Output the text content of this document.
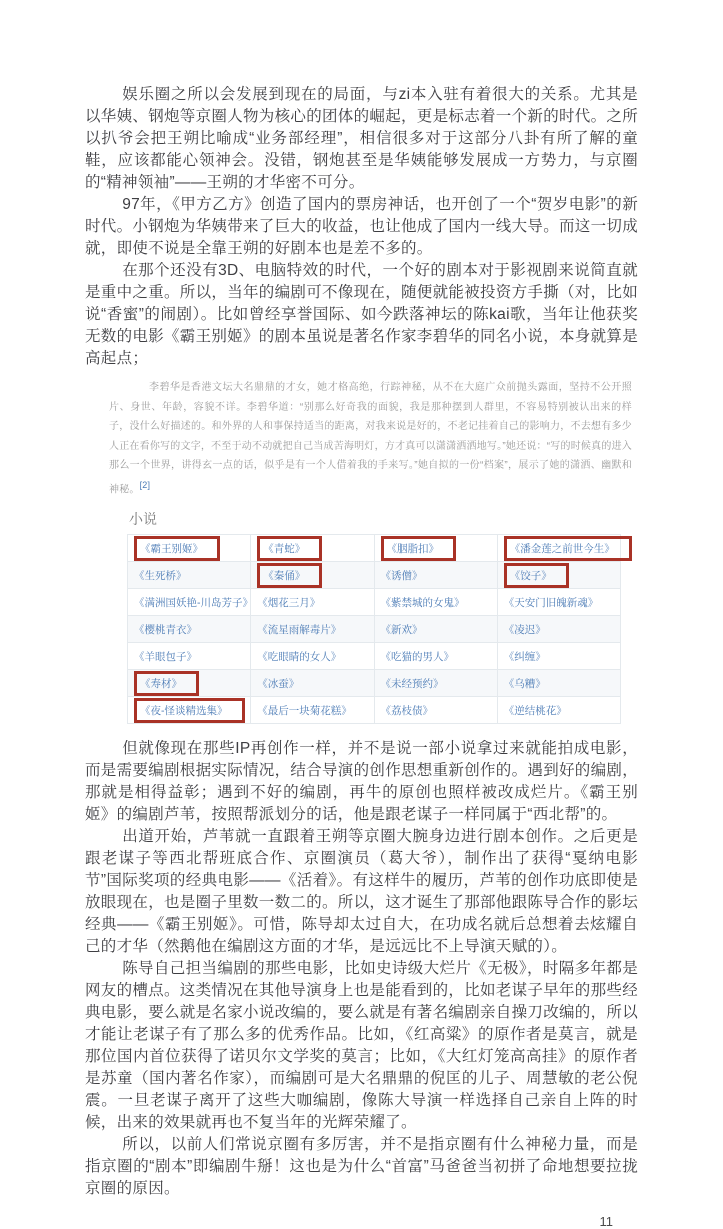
娱乐圈之所以会发展到现在的局面，与zi本入驻有着很大的关系。尤其是以华姨、钢炮等京圈人物为核心的团体的崛起，更是标志着一个新的时代。之所以扒爷会把王朔比喻成“业务部经理”，相信很多对于这部分八卦有所了解的童鞋，应该都能心领神会。没错，钢炮甚至是华姨能够发展成一方势力，与京圈的“精神领袖”——王朔的才华密不可分。

97年，《甲方乙方》创造了国内的票房神话，也开创了一个“贺岁电影”的新时代。小钢炮为华姨带来了巨大的收益，也让他成了国内一线大导。而这一切成就，即使不说是全靠王朔的好剧本也是差不多的。

在那个还没有3D、电脑特效的时代，一个好的剧本对于影视剧来说简直就是重中之重。所以，当年的编剧可不像现在，随便就能被投资方手撕（对，比如说“香蜜”的闹剧）。比如曾经享誉国际、如今跌落神坛的陈kai歌，当年让他获奖无数的电影《霸王别姬》的剧本虽说是著名作家李碧华的同名小说，本身就算是高起点；

李碧华是香港文坛大名鼎鼎的才女，她才格高绝，行踪神秘，从不在大庭广众前抛头露面，坚持不公开照片、身世、年龄，容貌不详。李碧华道：“别那么好奇我的面貌，我是那种摆到人群里，不容易特别被认出来的样子，没什么好描述的。和外界的人和事保持适当的距离，对我来说是好的，不老记挂着自己的影响力，不去想有多少人正在看你写的文字，不至于动不动就把自己当成苦海明灯，方才真可以潇潇洒洒地写。”她还说：“写的时候真的进入那么一个世界，讲得玄一点的话，似乎是有一个人借着我的手来写。”她自拟的一份“档案”，展示了她的潇洒、幽默和神秘。[2]
小说
《霸王别姬》	《青蛇》	《胭脂扣》	《潘金莲之前世今生》
《生死桥》	《秦俑》	《诱僧》	《饺子》
《满洲国妖艳-川岛芳子》	《烟花三月》	《紫禁城的女鬼》	《天安门旧魄新魂》
《樱桃青衣》	《流星雨解毒片》	《新欢》	《凌迟》
《羊眼包子》	《吃眼睛的女人》	《吃猫的男人》	《纠缠》
《寿材》	《冰蚕》	《未经预约》	《乌糟》
《夜-怪谈精选集》	《最后一块菊花糕》	《荔枝债》	《逆结桃花》

但就像现在那些IP再创作一样，并不是说一部小说拿过来就能拍成电影，而是需要编剧根据实际情况，结合导演的创作思想重新创作的。遇到好的编剧，那就是相得益彰；遇到不好的编剧，再牛的原创也照样被改成烂片。《霸王别姬》的编剧芦苇，按照帮派划分的话，他是跟老谋子一样同属于“西北帮”的。

出道开始，芦苇就一直跟着王朔等京圈大腕身边进行剧本创作。之后更是跟老谋子等西北帮班底合作、京圈演员（葛大爷），制作出了获得“戛纳电影节”国际奖项的经典电影——《活着》。有这样牛的履历，芦苇的创作功底即使是放眼现在，也是圈子里数一数二的。所以，这才诞生了那部他跟陈导合作的影坛经典——《霸王别姬》。可惜，陈导却太过自大，在功成名就后总想着去炫耀自己的才华（然鹅他在编剧这方面的才华，是远远比不上导演天赋的）。

陈导自己担当编剧的那些电影，比如史诗级大烂片《无极》，时隔多年都是网友的槽点。这类情况在其他导演身上也是能看到的，比如老谋子早年的那些经典电影，要么就是名家小说改编的，要么就是有著名编剧亲自操刀改编的，所以才能让老谋子有了那么多的优秀作品。比如，《红高粱》的原作者是莫言，就是那位国内首位获得了诺贝尔文学奖的莫言；比如，《大红灯笼高高挂》的原作者是苏童（国内著名作家），而编剧可是大名鼎鼎的倪匡的儿子、周慧敏的老公倪震。一旦老谋子离开了这些大咖编剧，像陈大导演一样选择自己亲自上阵的时候，出来的效果就再也不复当年的光辉荣耀了。

所以，以前人们常说京圈有多厉害，并不是指京圈有什么神秘力量，而是指京圈的“剧本”即编剧牛掰！这也是为什么“首富”马爸爸当初拼了命地想要拉拢京圈的原因。

11
